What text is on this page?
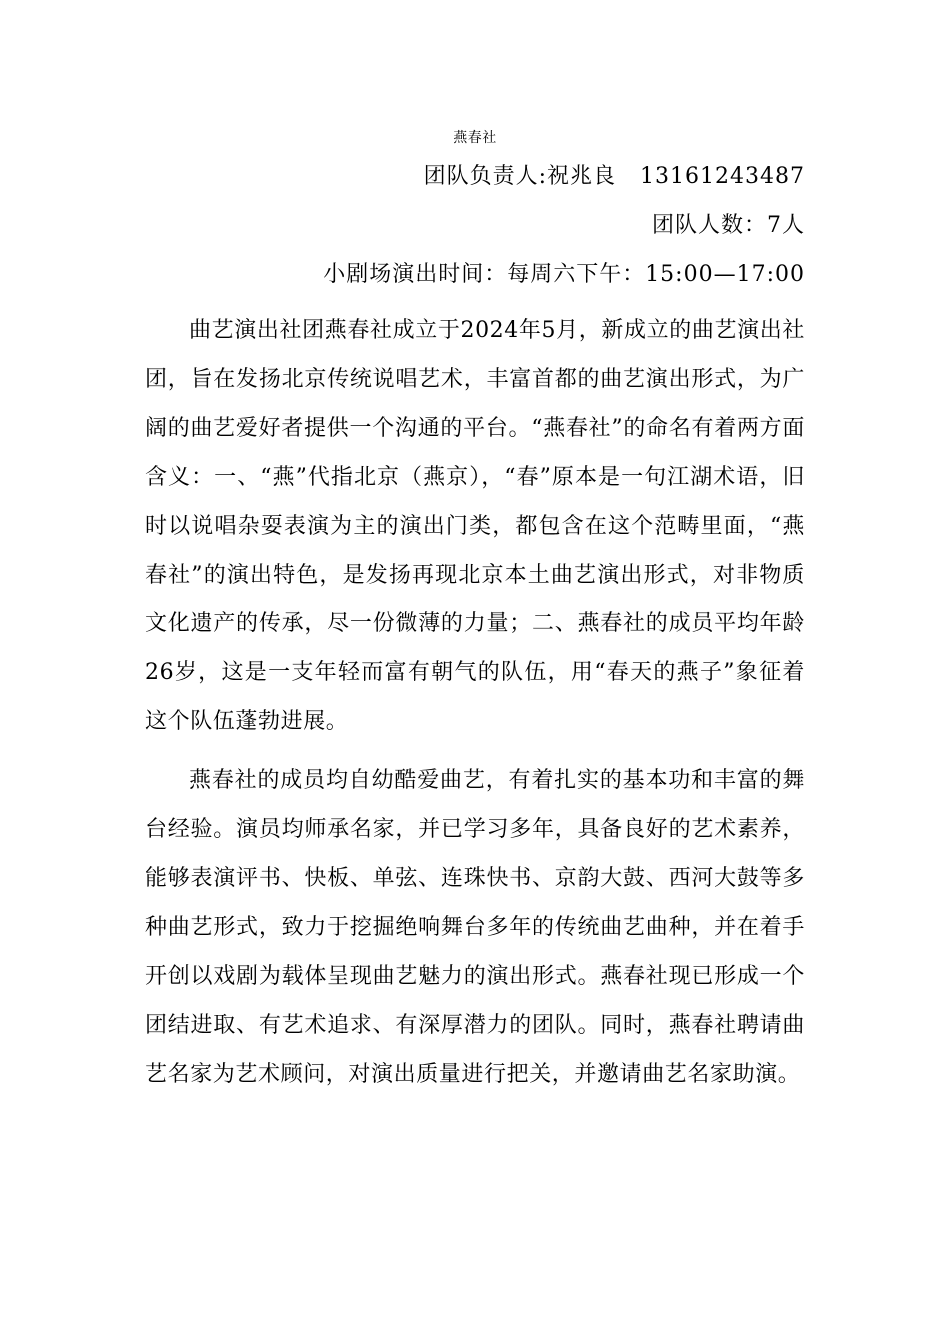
燕春社
团队负责人:祝兆良   13161243487
团队人数：7人
小剧场演出时间：每周六下午：15:00—17:00

曲艺演出社团燕春社成立于2024年5月，新成立的曲艺演出社团，旨在发扬北京传统说唱艺术，丰富首都的曲艺演出形式，为广阔的曲艺爱好者提供一个沟通的平台。“燕春社”的命名有着两方面含义：一、“燕”代指北京（燕京），“春”原本是一句江湖术语，旧时以说唱杂耍表演为主的演出门类，都包含在这个范畴里面，“燕春社”的演出特色，是发扬再现北京本土曲艺演出形式，对非物质文化遗产的传承，尽一份微薄的力量；二、燕春社的成员平均年龄26岁，这是一支年轻而富有朝气的队伍，用“春天的燕子”象征着这个队伍蓬勃进展。

燕春社的成员均自幼酷爱曲艺，有着扎实的基本功和丰富的舞台经验。演员均师承名家，并已学习多年，具备良好的艺术素养，能够表演评书、快板、单弦、连珠快书、京韵大鼓、西河大鼓等多种曲艺形式，致力于挖掘绝响舞台多年的传统曲艺曲种，并在着手开创以戏剧为载体呈现曲艺魅力的演出形式。燕春社现已形成一个团结进取、有艺术追求、有深厚潜力的团队。同时，燕春社聘请曲艺名家为艺术顾问，对演出质量进行把关，并邀请曲艺名家助演。
